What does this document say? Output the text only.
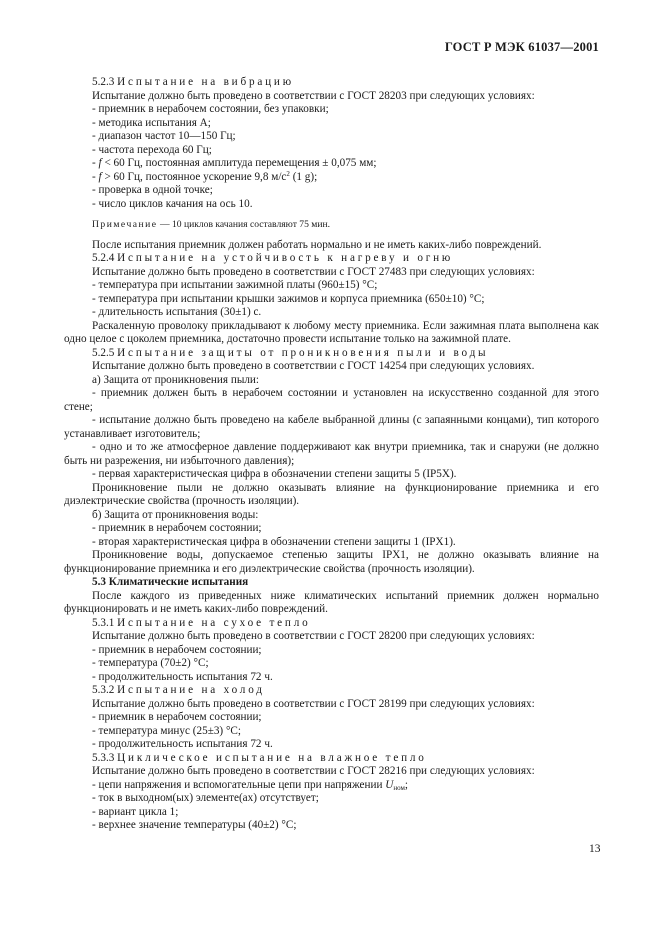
ГОСТ Р МЭК 61037—2001

5.2.3 Испытание на вибрацию

Испытание должно быть проведено в соответствии с ГОСТ 28203 при следующих условиях:

- приемник в нерабочем состоянии, без упаковки;

- методика испытания A;

- диапазон частот 10—150 Гц;

- частота перехода 60 Гц;

- f < 60 Гц, постоянная амплитуда перемещения ± 0,075 мм;

- f > 60 Гц, постоянное ускорение 9,8 $м/с^2$ (1 g);

- проверка в одной точке;

- число циклов качания на ось 10.

Примечание — 10 циклов качания составляют 75 мин.

После испытания приемник должен работать нормально и не иметь каких-либо повреждений.

5.2.4 Испытание на устойчивость к нагреву и огню

Испытание должно быть проведено в соответствии с ГОСТ 27483 при следующих условиях:

- температура при испытании зажимной платы (960±15) °С;

- температура при испытании крышки зажимов и корпуса приемника (650±10) °С;

- длительность испытания (30±1) с.

Раскаленную проволоку прикладывают к любому месту приемника. Если зажимная плата выполнена как одно целое с цоколем приемника, достаточно провести испытание только на зажимной плате.

5.2.5 Испытание защиты от проникновения пыли и воды

Испытание должно быть проведено в соответствии с ГОСТ 14254 при следующих условиях.

а) Защита от проникновения пыли:

- приемник должен быть в нерабочем состоянии и установлен на искусственно созданной для этого стене;

- испытание должно быть проведено на кабеле выбранной длины (с запаянными концами), тип которого устанавливает изготовитель;

- одно и то же атмосферное давление поддерживают как внутри приемника, так и снаружи (не должно быть ни разрежения, ни избыточного давления);

- первая характеристическая цифра в обозначении степени защиты 5 (IP5X).

Проникновение пыли не должно оказывать влияние на функционирование приемника и его диэлектрические свойства (прочность изоляции).

б) Защита от проникновения воды:

- приемник в нерабочем состоянии;

- вторая характеристическая цифра в обозначении степени защиты 1 (IPX1).

Проникновение воды, допускаемое степенью защиты IPX1, не должно оказывать влияние на функционирование приемника и его диэлектрические свойства (прочность изоляции).

5.3 Климатические испытания

После каждого из приведенных ниже климатических испытаний приемник должен нормально функционировать и не иметь каких-либо повреждений.

5.3.1 Испытание на сухое тепло

Испытание должно быть проведено в соответствии с ГОСТ 28200 при следующих условиях:

- приемник в нерабочем состоянии;

- температура (70±2) °С;

- продолжительность испытания 72 ч.

5.3.2 Испытание на холод

Испытание должно быть проведено в соответствии с ГОСТ 28199 при следующих условиях:

- приемник в нерабочем состоянии;

- температура минус (25±3) °С;

- продолжительность испытания 72 ч.

5.3.3 Циклическое испытание на влажное тепло

Испытание должно быть проведено в соответствии с ГОСТ 28216 при следующих условиях:

- цепи напряжения и вспомогательные цепи при напряжении $U_{ном}$;

- ток в выходном(ых) элементе(ах) отсутствует;

- вариант цикла 1;

- верхнее значение температуры (40±2) °С;

13
